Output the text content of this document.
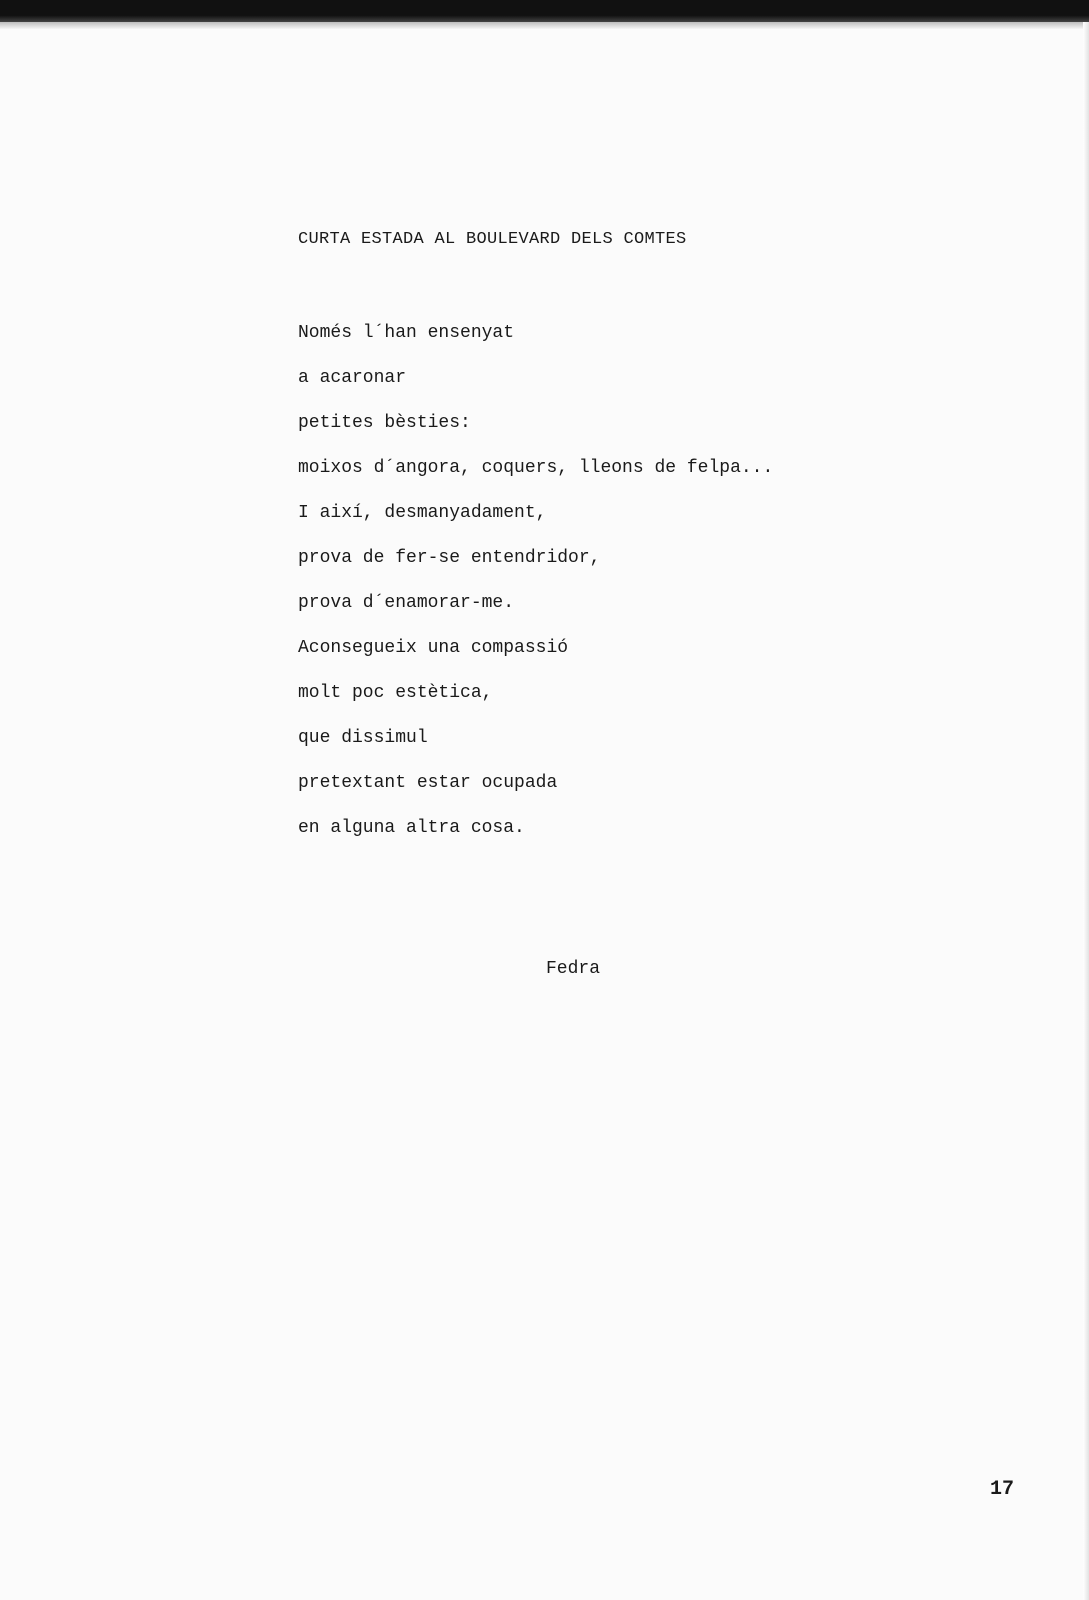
CURTA ESTADA AL BOULEVARD DELS COMTES
Només l´han ensenyat
a acaronar
petites bèsties:
moixos d´angora, coquers, lleons de felpa...
I així, desmanyadament,
prova de fer-se entendridor,
prova d´enamorar-me.
Aconsegueix una compassió
molt poc estètica,
que dissimul
pretextant estar ocupada
en alguna altra cosa.
Fedra
17
